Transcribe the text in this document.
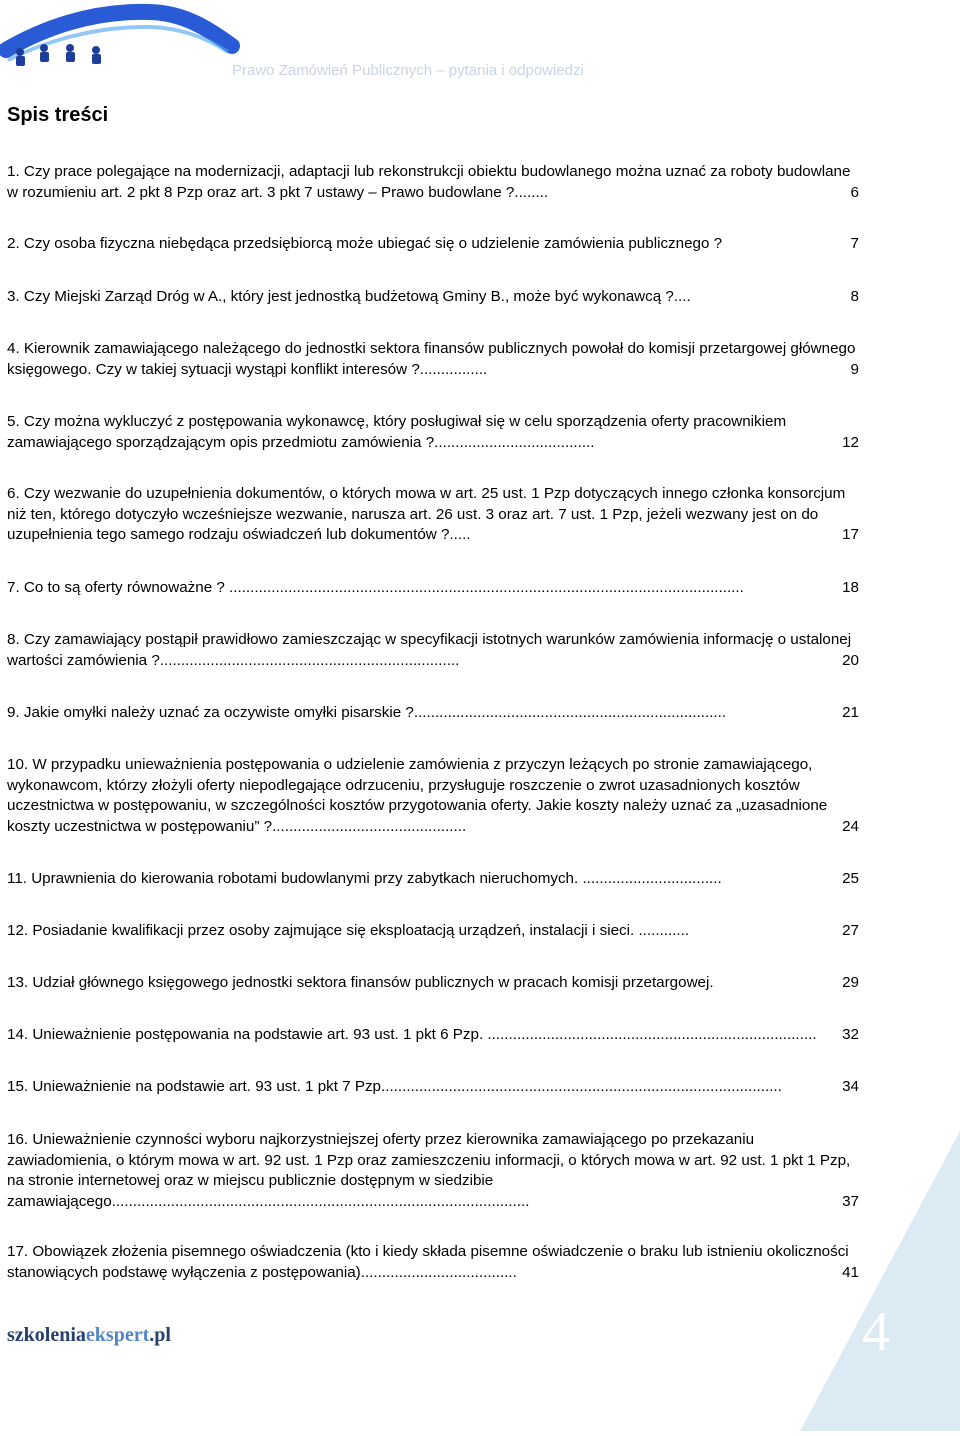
Prawo Zamówień Publicznych – pytania i odpowiedzi
Spis treści
1. Czy prace polegające na modernizacji, adaptacji lub rekonstrukcji obiektu budowlanego można uznać za roboty budowlane w rozumieniu art. 2 pkt 8 Pzp oraz art. 3 pkt 7 ustawy – Prawo budowlane ?........	6
2. Czy osoba fizyczna niebędąca przedsiębiorcą może ubiegać się o udzielenie zamówienia publicznego ?	7
3. Czy Miejski Zarząd Dróg w A., który jest jednostką budżetową Gminy B., może być wykonawcą ?....	8
4. Kierownik zamawiającego należącego do jednostki sektora finansów publicznych powołał do komisji przetargowej głównego księgowego. Czy w takiej sytuacji wystąpi konflikt interesów ?................	9
5. Czy można wykluczyć z postępowania wykonawcę, który posługiwał się w celu sporządzenia oferty pracownikiem zamawiającego sporządzającym opis przedmiotu zamówienia ?......................................	12
6. Czy wezwanie do uzupełnienia dokumentów, o których mowa w art. 25 ust. 1 Pzp dotyczących innego członka konsorcjum niż ten, którego dotyczyło wcześniejsze wezwanie, narusza art. 26 ust. 3 oraz art. 7 ust. 1 Pzp, jeżeli wezwany jest on do uzupełnienia tego samego rodzaju oświadczeń lub dokumentów ?.....	17
7. Co to są oferty równoważne ? ..........................................................................................................................	18
8. Czy zamawiający postąpił prawidłowo zamieszczając w specyfikacji istotnych warunków zamówienia informację o ustalonej wartości zamówienia ?.......................................................................	20
9. Jakie omyłki należy uznać za oczywiste omyłki pisarskie ?..........................................................................	21
10. W przypadku unieważnienia postępowania o udzielenie zamówienia z przyczyn leżących po stronie zamawiającego, wykonawcom, którzy złożyli oferty niepodlegające odrzuceniu, przysługuje roszczenie o zwrot uzasadnionych kosztów uczestnictwa w postępowaniu, w szczególności kosztów przygotowania oferty. Jakie koszty należy uznać za „uzasadnione koszty uczestnictwa w postępowaniu” ?..............................................	24
11. Uprawnienia do kierowania robotami budowlanymi przy zabytkach nieruchomych. .................................	25
12. Posiadanie kwalifikacji przez osoby zajmujące się eksploatacją urządzeń, instalacji i sieci. ............	27
13. Udział głównego księgowego jednostki sektora finansów publicznych w pracach komisji przetargowej.	29
14. Unieważnienie postępowania na podstawie art. 93 ust. 1 pkt 6 Pzp. .............................................................................. 32
15. Unieważnienie na podstawie art. 93 ust. 1 pkt 7 Pzp...............................................................................................	34
16. Unieważnienie czynności wyboru najkorzystniejszej oferty przez kierownika zamawiającego po przekazaniu zawiadomienia, o którym mowa w art. 92 ust. 1 Pzp oraz zamieszczeniu informacji, o których mowa w art. 92 ust. 1 pkt 1 Pzp, na stronie internetowej oraz w miejscu publicznie dostępnym w siedzibie zamawiającego...................................................................................................	37
17. Obowiązek złożenia pisemnego oświadczenia (kto i kiedy składa pisemne oświadczenie o braku lub istnieniu okoliczności stanowiących podstawę wyłączenia z postępowania).....................................	41
4
szkoleniaekspert.pl
